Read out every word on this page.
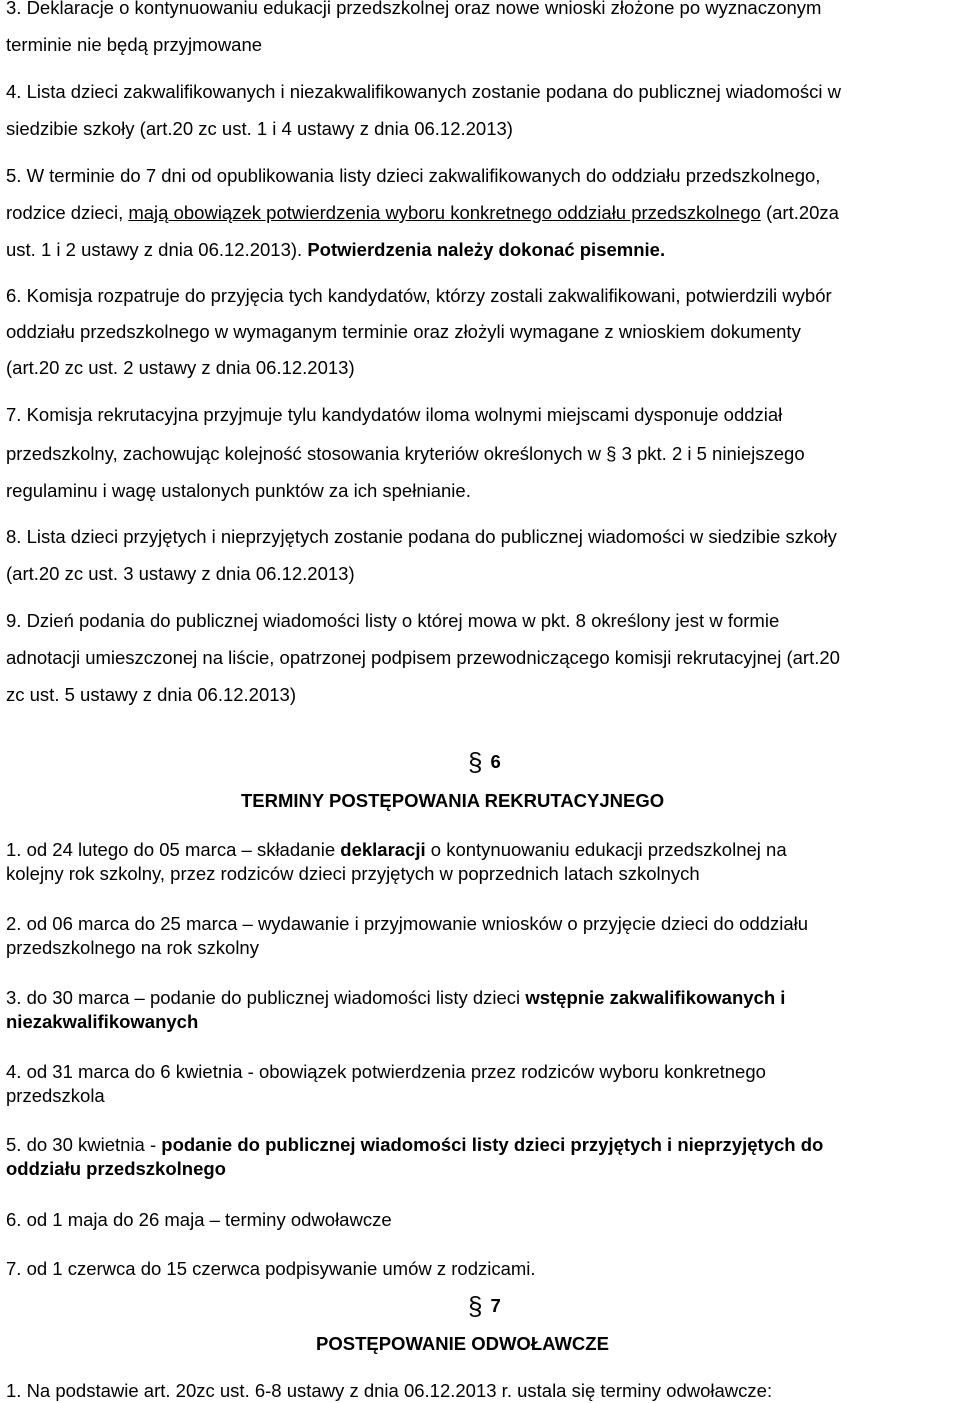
3. Deklaracje o kontynuowaniu edukacji przedszkolnej oraz nowe wnioski złożone po wyznaczonym
terminie nie będą przyjmowane
4. Lista dzieci zakwalifikowanych i niezakwalifikowanych zostanie podana do publicznej wiadomości w
siedzibie szkoły (art.20 zc ust. 1 i 4 ustawy z dnia 06.12.2013)
5. W terminie do 7 dni od opublikowania listy dzieci zakwalifikowanych do oddziału przedszkolnego,
rodzice dzieci, mają obowiązek potwierdzenia wyboru konkretnego oddziału przedszkolnego (art.20za
ust. 1 i 2 ustawy z dnia 06.12.2013). Potwierdzenia należy dokonać pisemnie.
6. Komisja rozpatruje do przyjęcia tych kandydatów, którzy zostali zakwalifikowani, potwierdzili wybór
oddziału przedszkolnego w wymaganym terminie oraz złożyli wymagane z wnioskiem dokumenty
(art.20 zc ust. 2 ustawy z dnia 06.12.2013)
7. Komisja rekrutacyjna przyjmuje tylu kandydatów iloma wolnymi miejscami dysponuje oddział
przedszkolny, zachowując kolejność stosowania kryteriów określonych w § 3 pkt. 2 i 5 niniejszego
regulaminu i wagę ustalonych punktów za ich spełnianie.
8. Lista dzieci przyjętych i nieprzyjętych zostanie podana do publicznej wiadomości w siedzibie szkoły
(art.20 zc ust. 3 ustawy z dnia 06.12.2013)
9. Dzień podania do publicznej wiadomości listy o której mowa w pkt. 8 określony jest w formie
adnotacji umieszczonej na liście, opatrzonej podpisem przewodniczącego komisji rekrutacyjnej (art.20
zc ust. 5 ustawy z dnia 06.12.2013)
§ 6
TERMINY POSTĘPOWANIA REKRUTACYJNEGO
1. od 24 lutego do 05 marca – składanie deklaracji o kontynuowaniu edukacji przedszkolnej na
kolejny rok szkolny, przez rodziców dzieci przyjętych w poprzednich latach szkolnych
2. od 06 marca do 25 marca – wydawanie i przyjmowanie wniosków o przyjęcie dzieci do oddziału
przedszkolnego na rok szkolny
3. do 30 marca – podanie do publicznej wiadomości listy dzieci wstępnie zakwalifikowanych i
niezakwalifikowanych
4. od 31 marca do 6 kwietnia - obowiązek potwierdzenia przez rodziców wyboru konkretnego
przedszkola
5. do 30 kwietnia - podanie do publicznej wiadomości listy dzieci przyjętych i nieprzyjętych do
oddziału przedszkolnego
6. od 1 maja do 26 maja – terminy odwoławcze
7. od 1 czerwca do 15 czerwca podpisywanie umów z rodzicami.
§ 7
POSTĘPOWANIE ODWOŁAWCZE
1. Na podstawie art. 20zc ust. 6-8 ustawy z dnia 06.12.2013 r. ustala się terminy odwoławcze:
